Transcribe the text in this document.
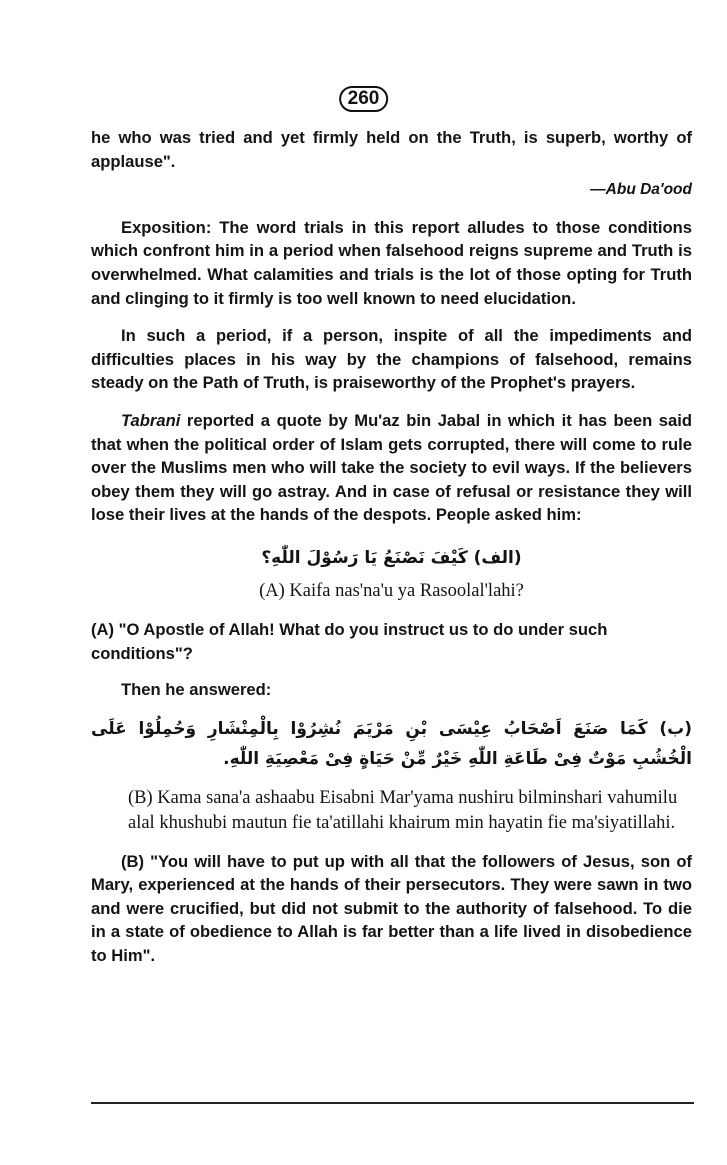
260

he who was tried and yet firmly held on the Truth, is superb, worthy of applause".

—Abu Da'ood

Exposition: The word trials in this report alludes to those conditions which confront him in a period when falsehood reigns supreme and Truth is overwhelmed. What calamities and trials is the lot of those opting for Truth and clinging to it firmly is too well known to need elucidation.

In such a period, if a person, inspite of all the impediments and difficulties places in his way by the champions of falsehood, remains steady on the Path of Truth, is praiseworthy of the Prophet's prayers.

Tabrani reported a quote by Mu'az bin Jabal in which it has been said that when the political order of Islam gets corrupted, there will come to rule over the Muslims men who will take the society to evil ways. If the believers obey them they will go astray. And in case of refusal or resistance they will lose their lives at the hands of the despots. People asked him:

(الف) كَيْفَ نَصْنَعُ يَا رَسُوْلَ اللّٰهِ؟
(A) Kaifa nas'na'u ya Rasoolal'lahi?

(A) "O Apostle of Allah! What do you instruct us to do under such conditions"?

Then he answered:

(ب) كَمَا صَنَعَ اَصْحَابُ عِيْسَى بْنِ مَرْيَمَ نُشِرُوْا بِالْمِنْشَارِ وَحُمِلُوْا عَلَى الْخُشُبِ مَوْتٌ فِىْ طَاعَةِ اللّٰهِ خَيْرٌ مِّنْ حَيَاةٍ فِىْ مَعْصِيَةِ اللّٰهِ.

(B) Kama sana'a ashaabu Eisabni Mar'yama nushiru bilminshari vahumilu alal khushubi mautun fie ta'atillahi khairum min hayatin fie ma'siyatillahi.

(B) "You will have to put up with all that the followers of Jesus, son of Mary, experienced at the hands of their persecutors. They were sawn in two and were crucified, but did not submit to the authority of falsehood. To die in a state of obedience to Allah is far better than a life lived in disobedience to Him".
